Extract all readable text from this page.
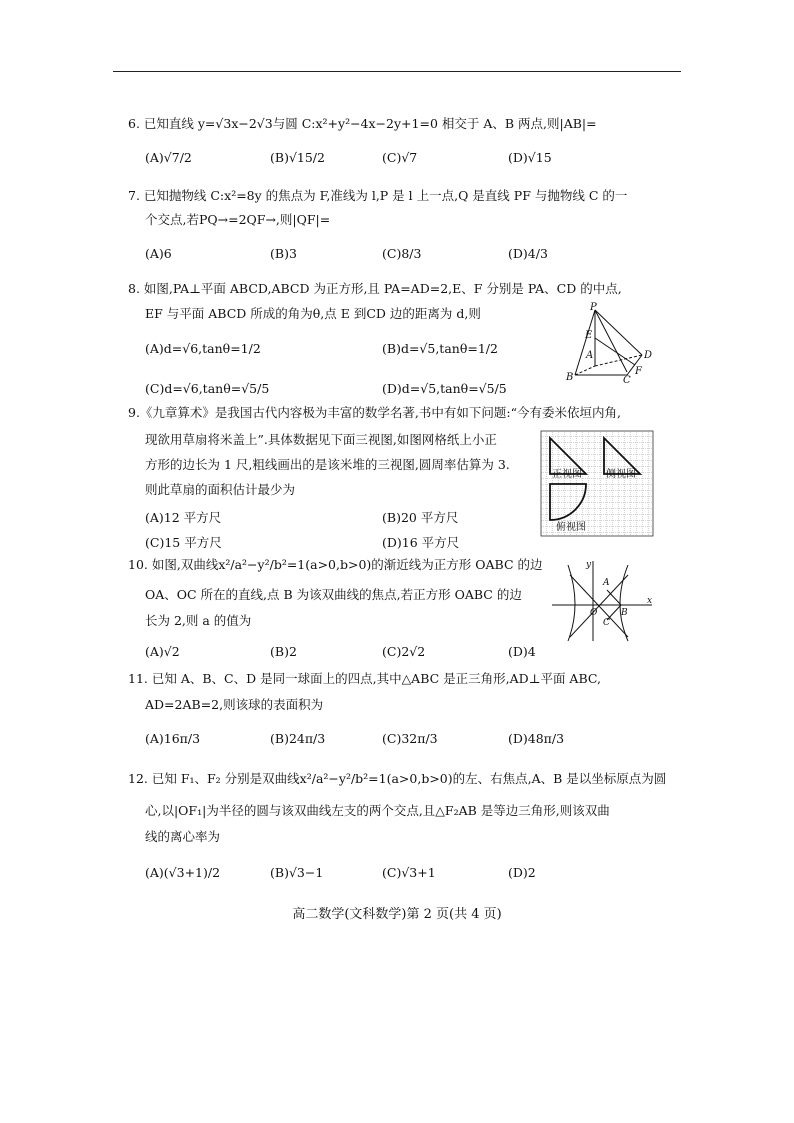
6. 已知直线 y=√3x−2√3与圆 C:x²+y²−4x−2y+1=0 相交于 A、B 两点,则|AB|=
(A)√7/2	(B)√15/2	(C)√7	(D)√15
7. 已知抛物线 C:x²=8y 的焦点为 F,准线为 l,P 是 l 上一点,Q 是直线 PF 与抛物线 C 的一
个交点,若PQ→=2QF→,则|QF|=
(A)6	(B)3	(C)8/3	(D)4/3
8. 如图,PA⊥平面 ABCD,ABCD 为正方形,且 PA=AD=2,E、F 分别是 PA、CD 的中点,
EF 与平面 ABCD 所成的角为θ,点 E 到CD 边的距离为 d,则
(A)d=√6,tanθ=1/2	(B)d=√5,tanθ=1/2
(C)d=√6,tanθ=√5/5	(D)d=√5,tanθ=√5/5
P
E
A	D
B	C
F
9.《九章算术》是我国古代内容极为丰富的数学名著,书中有如下问题:“今有委米依垣内角,
现欲用草扇将米盖上”.具体数据见下面三视图,如图网格纸上小正
方形的边长为 1 尺,粗线画出的是该米堆的三视图,圆周率估算为 3.
则此草扇的面积估计最少为
(A)12 平方尺	(B)20 平方尺
(C)15 平方尺	(D)16 平方尺
正视图 侧视图
俯视图
10. 如图,双曲线x²/a²−y²/b²=1(a>0,b>0)的渐近线为正方形 OABC 的边
OA、OC 所在的直线,点 B 为该双曲线的焦点,若正方形 OABC 的边
长为 2,则 a 的值为
(A)√2	(B)2	(C)2√2	(D)4
y
x
A
O	B
C
11. 已知 A、B、C、D 是同一球面上的四点,其中△ABC 是正三角形,AD⊥平面 ABC,
AD=2AB=2,则该球的表面积为
(A)16π/3	(B)24π/3	(C)32π/3	(D)48π/3
12. 已知 F₁、F₂ 分别是双曲线x²/a²−y²/b²=1(a>0,b>0)的左、右焦点,A、B 是以坐标原点为圆
心,以|OF₁|为半径的圆与该双曲线左支的两个交点,且△F₂AB 是等边三角形,则该双曲
线的离心率为
(A)(√3+1)/2	(B)√3−1	(C)√3+1	(D)2
高二数学(文科数学)第 2 页(共 4 页)
